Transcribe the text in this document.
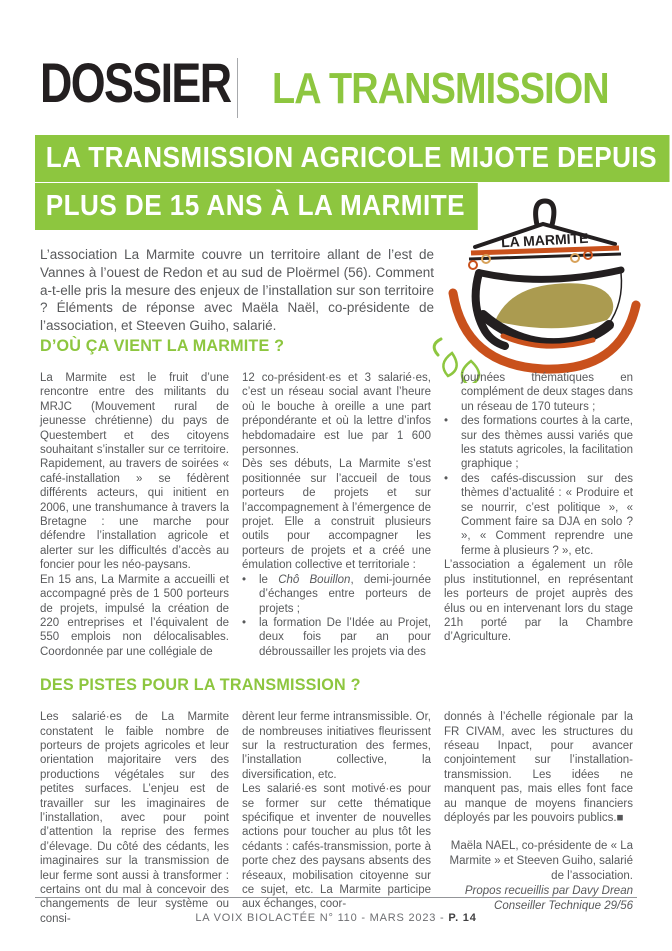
DOSSIER LA TRANSMISSION
LA TRANSMISSION AGRICOLE MIJOTE DEPUIS
PLUS DE 15 ANS À LA MARMITE
LA MARMITE
L’association La Marmite couvre un territoire allant de l’est de Vannes à l’ouest de Redon et au sud de Ploërmel (56). Comment a-t-elle pris la mesure des enjeux de l’installation sur son territoire ? Éléments de réponse avec Maëla Naël, co-présidente de l’association, et Steeven Guiho, salarié.
D’OÙ ÇA VIENT LA MARMITE ?

La Marmite est le fruit d’une rencontre entre des militants du MRJC (Mouvement rural de jeunesse chrétienne) du pays de Questembert et des citoyens souhaitant s’installer sur ce territoire. Rapidement, au travers de soirées « café-installation » se fédèrent différents acteurs, qui initient en 2006, une transhumance à travers la Bretagne : une marche pour défendre l’installation agricole et alerter sur les difficultés d’accès au foncier pour les néo-paysans.

En 15 ans, La Marmite a accueilli et accompagné près de 1 500 porteurs de projets, impulsé la création de 220 entreprises et l’équivalent de 550 emplois non délocalisables. Coordonnée par une collégiale de

12 co-président·es et 3 salarié·es, c’est un réseau social avant l’heure où le bouche à oreille a une part prépondérante et où la lettre d’infos hebdomadaire est lue par 1 600 personnes.

Dès ses débuts, La Marmite s’est positionnée sur l’accueil de tous porteurs de projets et sur l’accompagnement à l’émergence de projet. Elle a construit plusieurs outils pour accompagner les porteurs de projets et a créé une émulation collective et territoriale :

•	le Chô Bouillon, demi-journée d’échanges entre porteurs de projets ;
•	la formation De l’Idée au Projet, deux fois par an pour débroussailler les projets via des
journées thématiques en complément de deux stages dans un réseau de 170 tuteurs ;
•	des formations courtes à la carte, sur des thèmes aussi variés que les statuts agricoles, la facilitation graphique ;
•	des cafés-discussion sur des thèmes d’actualité : « Produire et se nourrir, c’est politique », « Comment faire sa DJA en solo ? », « Comment reprendre une ferme à plusieurs ? », etc.

L’association a également un rôle plus institutionnel, en représentant les porteurs de projet auprès des élus ou en intervenant lors du stage 21h porté par la Chambre d’Agriculture.

DES PISTES POUR LA TRANSMISSION ?

Les salarié·es de La Marmite constatent le faible nombre de porteurs de projets agricoles et leur orientation majoritaire vers des productions végétales sur des petites surfaces. L’enjeu est de travailler sur les imaginaires de l’installation, avec pour point d’attention la reprise des fermes d’élevage. Du côté des cédants, les imaginaires sur la transmission de leur ferme sont aussi à transformer : certains ont du mal à concevoir des changements de leur système ou consi-

dèrent leur ferme intransmissible. Or, de nombreuses initiatives fleurissent sur la restructuration des fermes, l’installation collective, la diversification, etc.

Les salarié·es sont motivé·es pour se former sur cette thématique spécifique et inventer de nouvelles actions pour toucher au plus tôt les cédants : cafés-transmission, porte à porte chez des paysans absents des réseaux, mobilisation citoyenne sur ce sujet, etc. La Marmite participe aux échanges, coor-

donnés à l’échelle régionale par la FR CIVAM, avec les structures du réseau Inpact, pour avancer conjointement sur l’installation-transmission. Les idées ne manquent pas, mais elles font face au manque de moyens financiers déployés par les pouvoirs publics.■

Maëla NAEL, co-présidente de « La Marmite » et Steeven Guiho, salarié de l’association.
Propos recueillis par Davy Drean
Conseiller Technique 29/56
LA VOIX BIOLACTÉE N° 110 - MARS 2023 - P. 14
